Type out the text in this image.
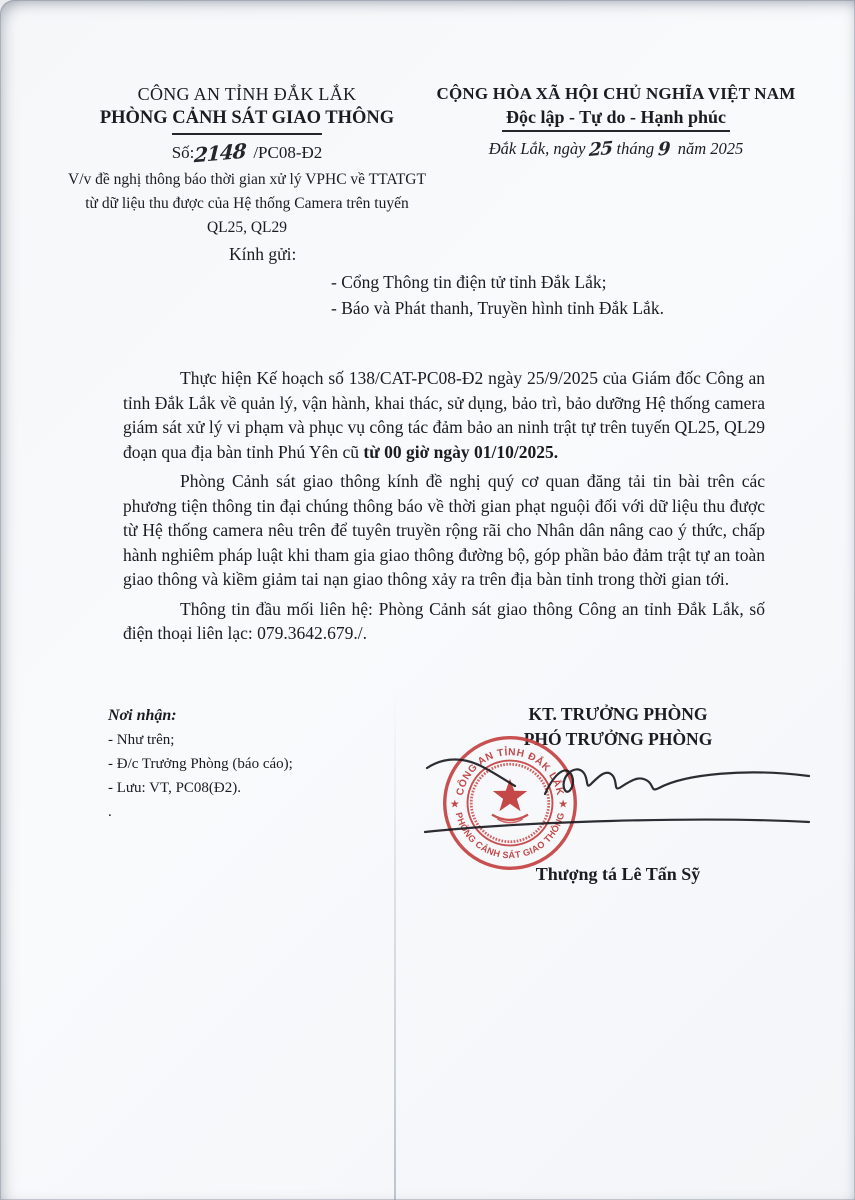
CÔNG AN TỈNH ĐẮK LẮK
PHÒNG CẢNH SÁT GIAO THÔNG
Số:2148 /PC08-Đ2
V/v đề nghị thông báo thời gian xử lý VPHC về TTATGT từ dữ liệu thu được của Hệ thống Camera trên tuyến QL25, QL29
CỘNG HÒA XÃ HỘI CHỦ NGHĨA VIỆT NAM
Độc lập - Tự do - Hạnh phúc
Đắk Lắk, ngày 25 tháng 9 năm 2025
Kính gửi:
- Cổng Thông tin điện tử tỉnh Đắk Lắk;
- Báo và Phát thanh, Truyền hình tỉnh Đắk Lắk.

Thực hiện Kế hoạch số 138/CAT-PC08-Đ2 ngày 25/9/2025 của Giám đốc Công an tỉnh Đắk Lắk về quản lý, vận hành, khai thác, sử dụng, bảo trì, bảo dưỡng Hệ thống camera giám sát xử lý vi phạm và phục vụ công tác đảm bảo an ninh trật tự trên tuyến QL25, QL29 đoạn qua địa bàn tỉnh Phú Yên cũ từ 00 giờ ngày 01/10/2025.

Phòng Cảnh sát giao thông kính đề nghị quý cơ quan đăng tải tin bài trên các phương tiện thông tin đại chúng thông báo về thời gian phạt nguội đối với dữ liệu thu được từ Hệ thống camera nêu trên để tuyên truyền rộng rãi cho Nhân dân nâng cao ý thức, chấp hành nghiêm pháp luật khi tham gia giao thông đường bộ, góp phần bảo đảm trật tự an toàn giao thông và kiềm giảm tai nạn giao thông xảy ra trên địa bàn tỉnh trong thời gian tới.

Thông tin đầu mối liên hệ: Phòng Cảnh sát giao thông Công an tỉnh Đắk Lắk, số điện thoại liên lạc: 079.3642.679./.

Nơi nhận:
- Như trên;
- Đ/c Trưởng Phòng (báo cáo);
- Lưu: VT, PC08(Đ2).
.
KT. TRƯỞNG PHÒNG
PHÓ TRƯỞNG PHÒNG
CÔNG AN TỈNH ĐẮK LẮK
PHÒNG CẢNH SÁT GIAO THÔNG
★	★
Thượng tá Lê Tấn Sỹ
